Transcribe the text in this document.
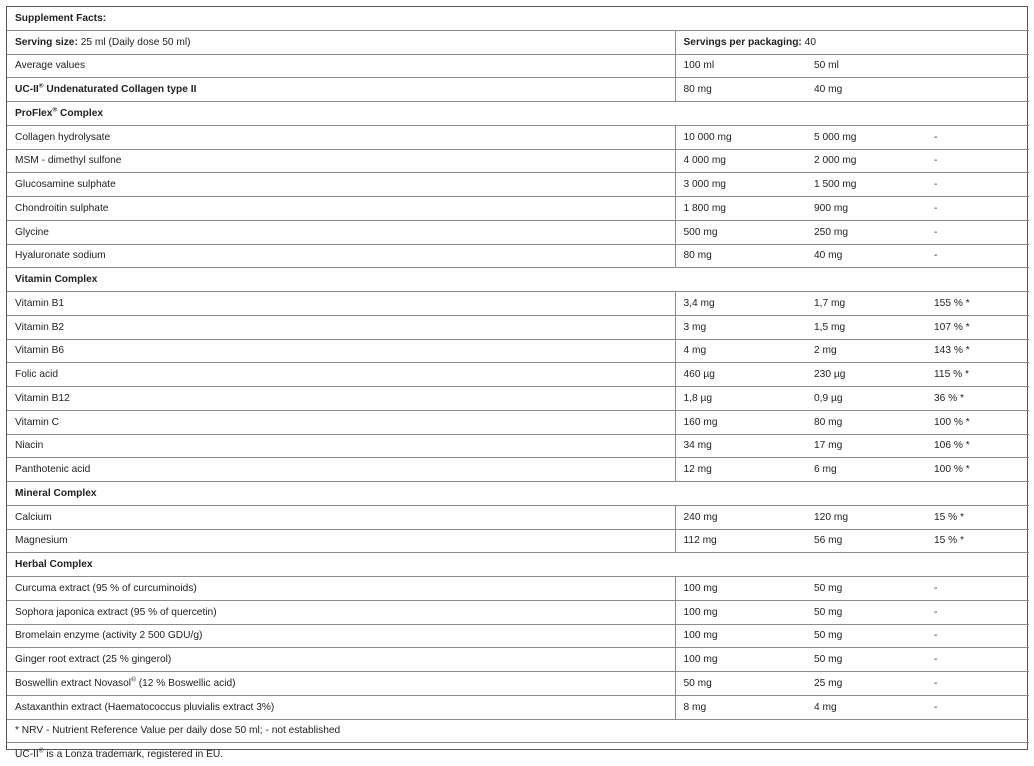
Supplement Facts:			
Serving size: 25 ml (Daily dose 50 ml)	Servings per packaging: 40		
Average values	100 ml	50 ml	
UC-II® Undenaturated Collagen type II	80 mg	40 mg	
ProFlex® Complex			
Collagen hydrolysate	10 000 mg	5 000 mg	-
MSM - dimethyl sulfone	4 000 mg	2 000 mg	-
Glucosamine sulphate	3 000 mg	1 500 mg	-
Chondroitin sulphate	1 800 mg	900 mg	-
Glycine	500 mg	250 mg	-
Hyaluronate sodium	80 mg	40 mg	-
Vitamin Complex			
Vitamin B1	3,4 mg	1,7 mg	155 % *
Vitamin B2	3 mg	1,5 mg	107 % *
Vitamin B6	4 mg	2 mg	143 % *
Folic acid	460 µg	230 µg	115 % *
Vitamin B12	1,8 µg	0,9 µg	36 % *
Vitamin C	160 mg	80 mg	100 % *
Niacin	34 mg	17 mg	106 % *
Panthotenic acid	12 mg	6 mg	100 % *
Mineral Complex			
Calcium	240 mg	120 mg	15 % *
Magnesium	112 mg	56 mg	15 % *
Herbal Complex			
Curcuma extract (95 % of curcuminoids)	100 mg	50 mg	-
Sophora japonica extract (95 % of quercetin)	100 mg	50 mg	-
Bromelain enzyme (activity 2 500 GDU/g)	100 mg	50 mg	-
Ginger root extract (25 % gingerol)	100 mg	50 mg	-
Boswellin extract Novasol® (12 % Boswellic acid)	50 mg	25 mg	-
Astaxanthin extract (Haematococcus pluvialis extract 3%)	8 mg	4 mg	-
* NRV - Nutrient Reference Value per daily dose 50 ml; - not established			
UC-II® is a Lonza trademark, registered in EU.			
